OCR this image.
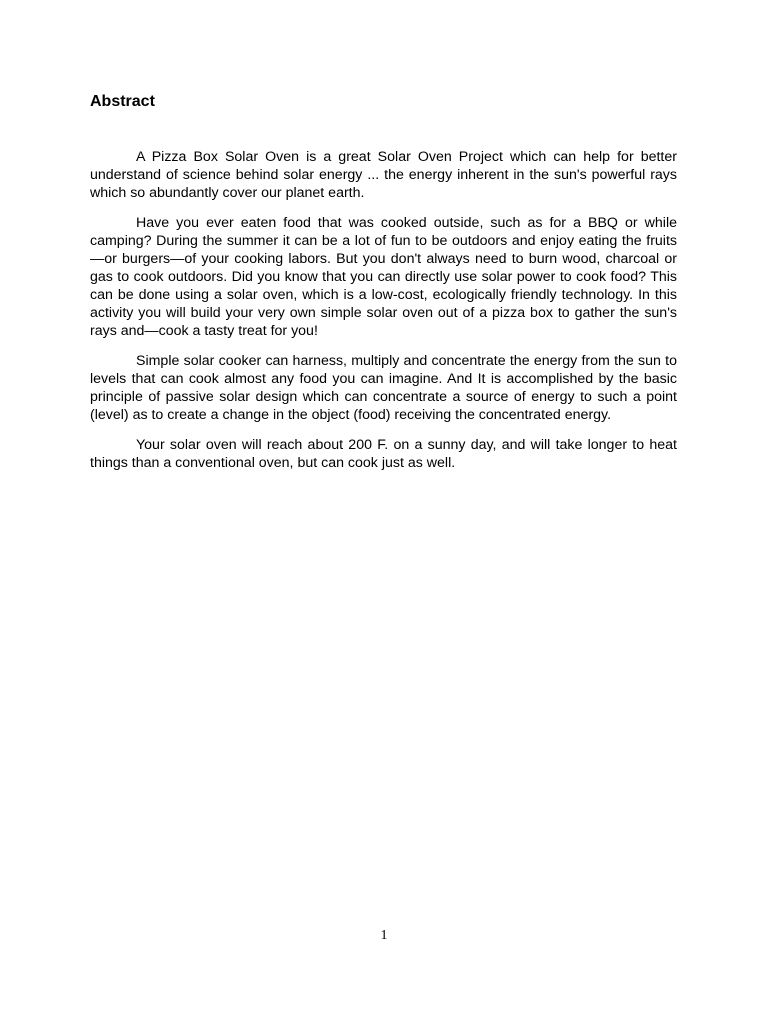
Abstract

A Pizza Box Solar Oven is a great Solar Oven Project which can help for better understand of science behind solar energy ... the energy inherent in the sun's powerful rays which so abundantly cover our planet earth.

Have you ever eaten food that was cooked outside, such as for a BBQ or while camping? During the summer it can be a lot of fun to be outdoors and enjoy eating the fruits—or burgers—of your cooking labors. But you don't always need to burn wood, charcoal or gas to cook outdoors. Did you know that you can directly use solar power to cook food? This can be done using a solar oven, which is a low-cost, ecologically friendly technology. In this activity you will build your very own simple solar oven out of a pizza box to gather the sun's rays and—cook a tasty treat for you!

Simple solar cooker can harness, multiply and concentrate the energy from the sun to levels that can cook almost any food you can imagine. And It is accomplished by the basic principle of passive solar design which can concentrate a source of energy to such a point (level) as to create a change in the object (food) receiving the concentrated energy.

Your solar oven will reach about 200 F. on a sunny day, and will take longer to heat things than a conventional oven, but can cook just as well.

1
